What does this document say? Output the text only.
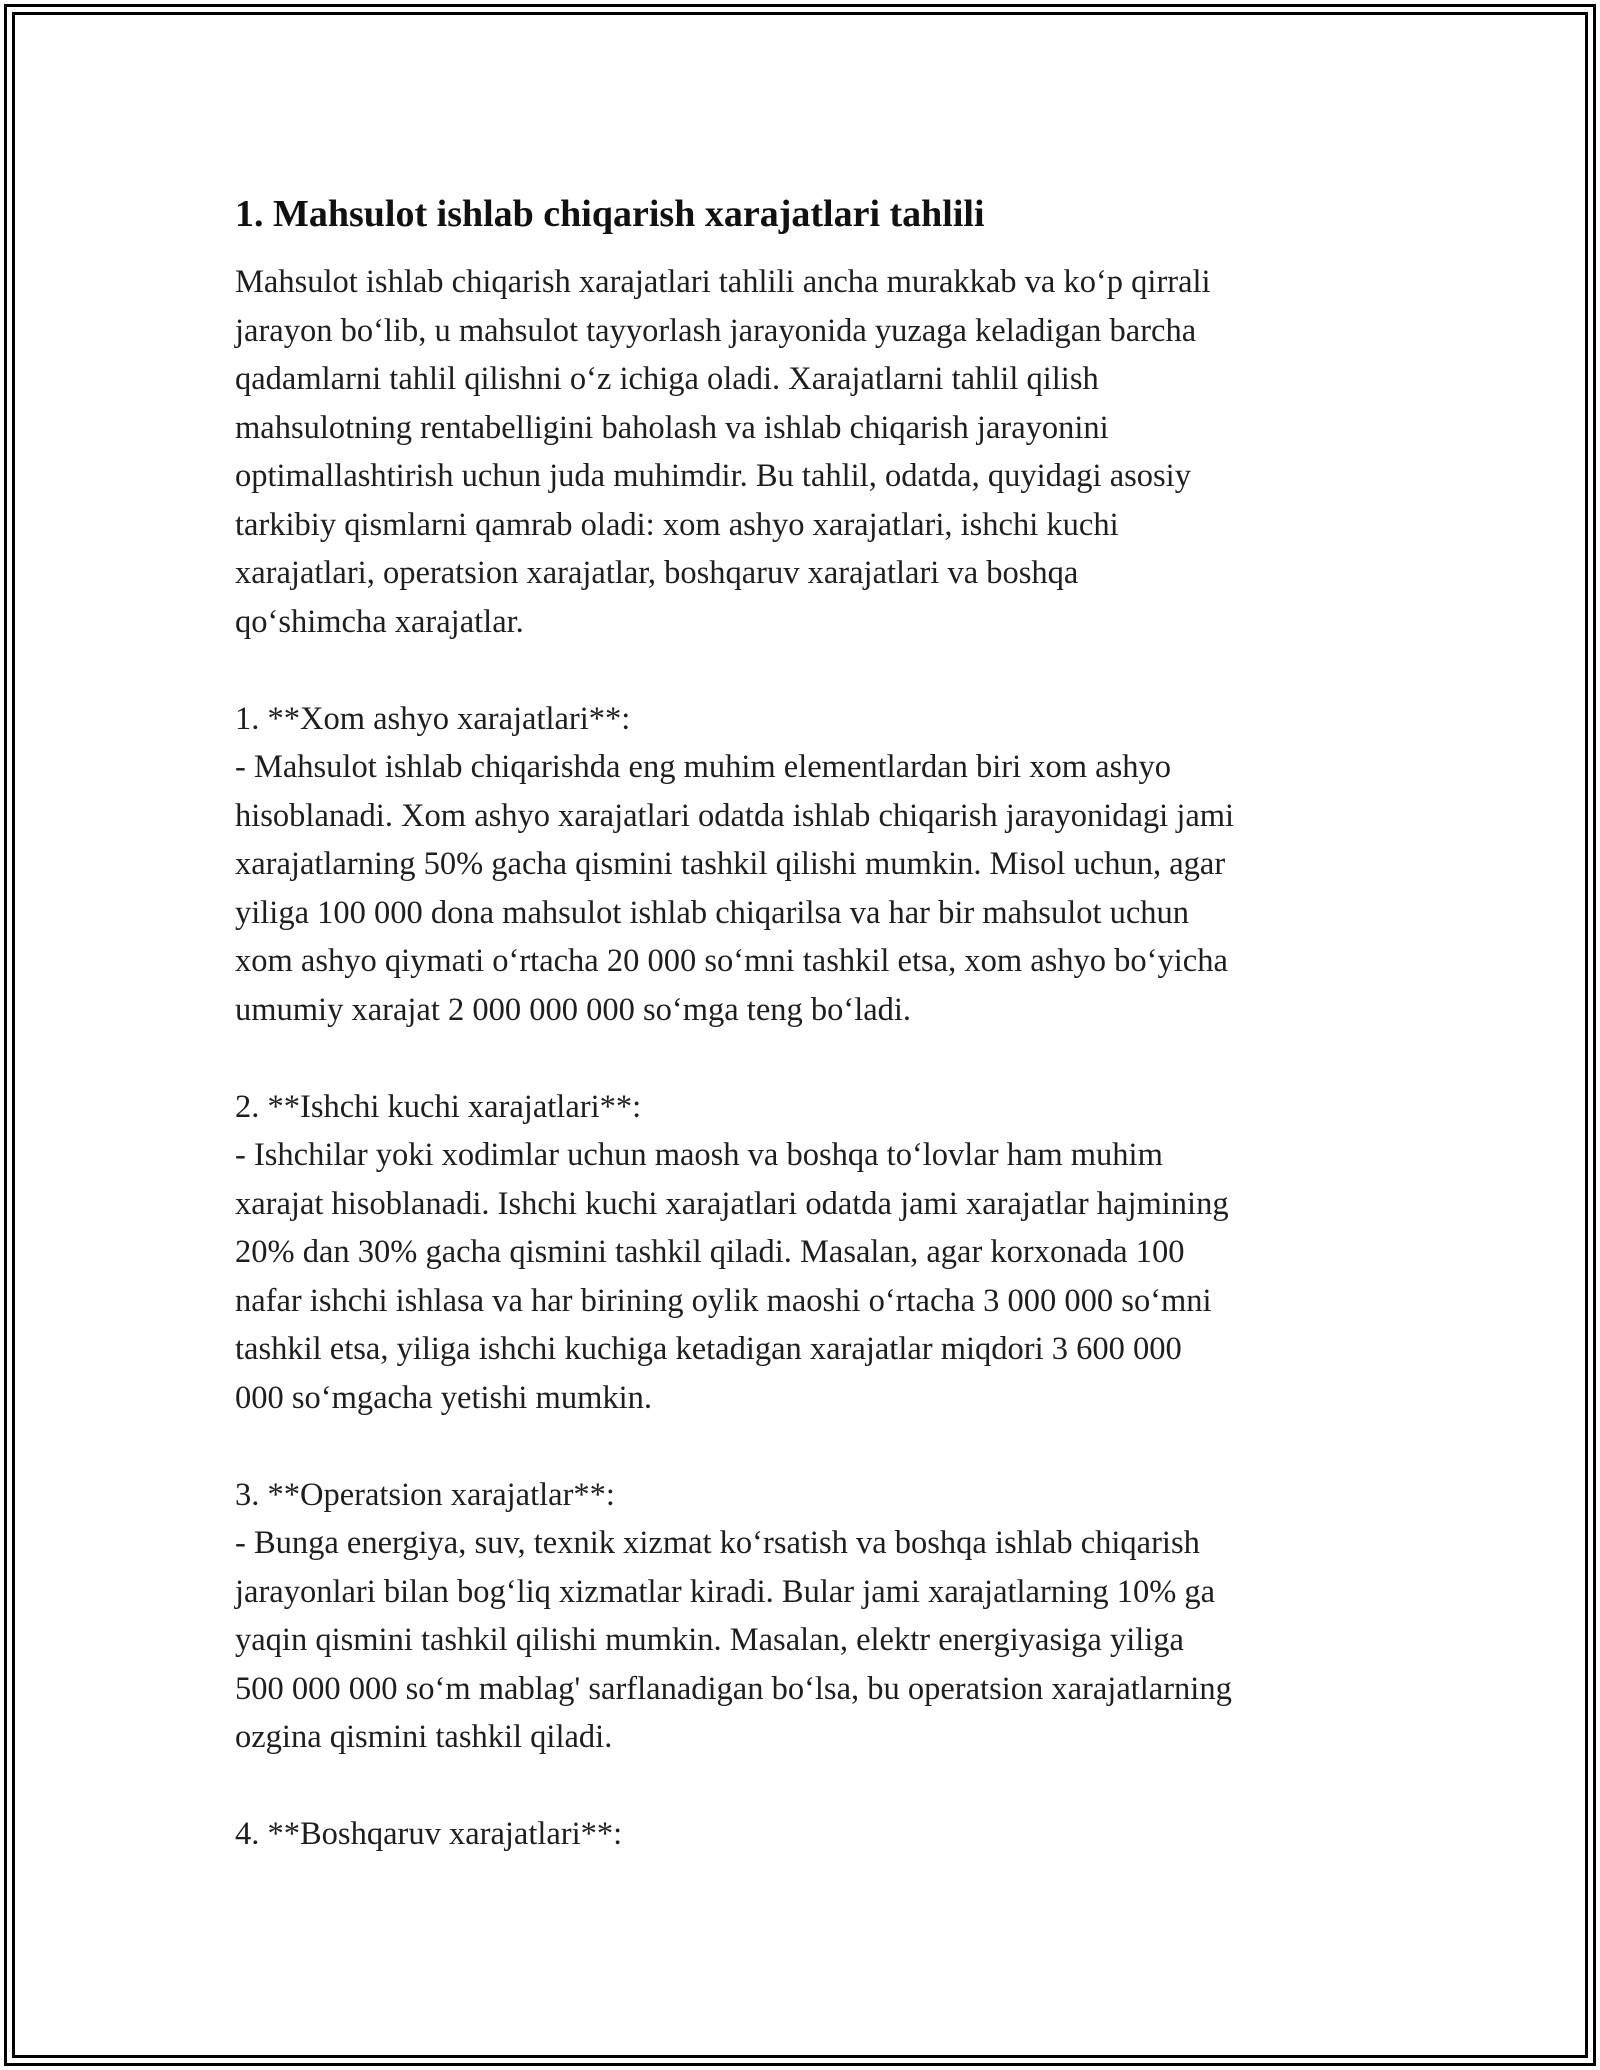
1. Mahsulot ishlab chiqarish xarajatlari tahlili

Mahsulot ishlab chiqarish xarajatlari tahlili ancha murakkab va ko‘p qirrali
jarayon bo‘lib, u mahsulot tayyorlash jarayonida yuzaga keladigan barcha
qadamlarni tahlil qilishni o‘z ichiga oladi. Xarajatlarni tahlil qilish
mahsulotning rentabelligini baholash va ishlab chiqarish jarayonini
optimallashtirish uchun juda muhimdir. Bu tahlil, odatda, quyidagi asosiy
tarkibiy qismlarni qamrab oladi: xom ashyo xarajatlari, ishchi kuchi
xarajatlari, operatsion xarajatlar, boshqaruv xarajatlari va boshqa
qo‘shimcha xarajatlar.

1. **Xom ashyo xarajatlari**:
- Mahsulot ishlab chiqarishda eng muhim elementlardan biri xom ashyo
hisoblanadi. Xom ashyo xarajatlari odatda ishlab chiqarish jarayonidagi jami
xarajatlarning 50% gacha qismini tashkil qilishi mumkin. Misol uchun, agar
yiliga 100 000 dona mahsulot ishlab chiqarilsa va har bir mahsulot uchun
xom ashyo qiymati o‘rtacha 20 000 so‘mni tashkil etsa, xom ashyo bo‘yicha
umumiy xarajat 2 000 000 000 so‘mga teng bo‘ladi.

2. **Ishchi kuchi xarajatlari**:
- Ishchilar yoki xodimlar uchun maosh va boshqa to‘lovlar ham muhim
xarajat hisoblanadi. Ishchi kuchi xarajatlari odatda jami xarajatlar hajmining
20% dan 30% gacha qismini tashkil qiladi. Masalan, agar korxonada 100
nafar ishchi ishlasa va har birining oylik maoshi o‘rtacha 3 000 000 so‘mni
tashkil etsa, yiliga ishchi kuchiga ketadigan xarajatlar miqdori 3 600 000
000 so‘mgacha yetishi mumkin.

3. **Operatsion xarajatlar**:
- Bunga energiya, suv, texnik xizmat ko‘rsatish va boshqa ishlab chiqarish
jarayonlari bilan bog‘liq xizmatlar kiradi. Bular jami xarajatlarning 10% ga
yaqin qismini tashkil qilishi mumkin. Masalan, elektr energiyasiga yiliga
500 000 000 so‘m mablag' sarflanadigan bo‘lsa, bu operatsion xarajatlarning
ozgina qismini tashkil qiladi.

4. **Boshqaruv xarajatlari**:
